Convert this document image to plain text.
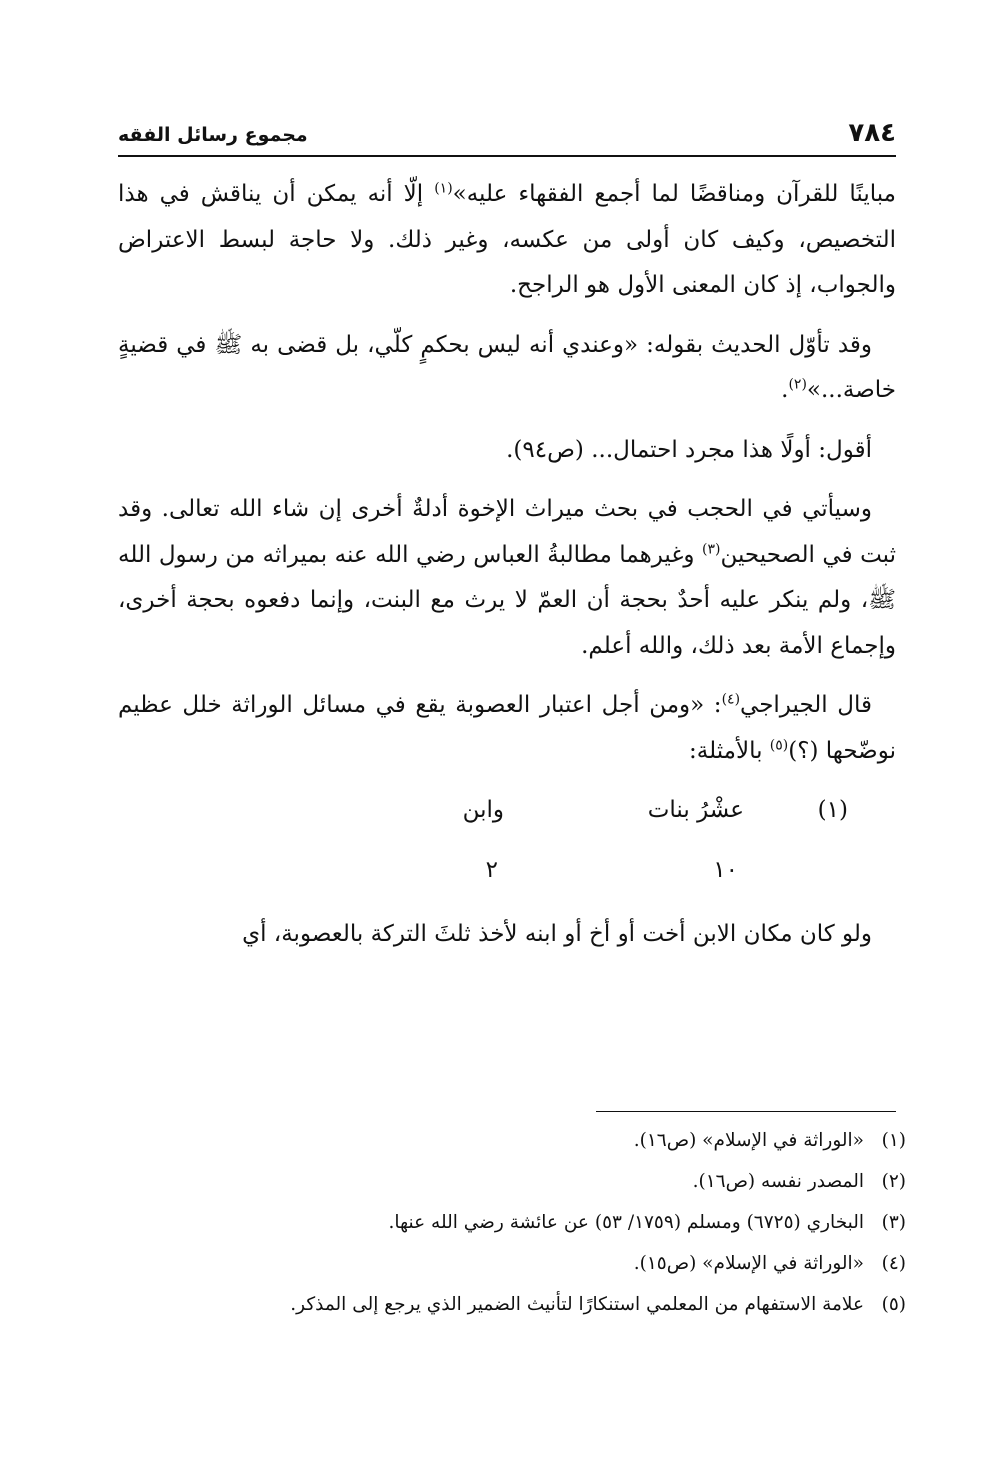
٧٨٤
مجموع رسائل الفقه

مباينًا للقرآن ومناقضًا لما أجمع الفقهاء عليه»$^{(١)}$ إلّا أنه يمكن أن يناقش في هذا التخصيص، وكيف كان أولى من عكسه، وغير ذلك. ولا حاجة لبسط الاعتراض والجواب، إذ كان المعنى الأول هو الراجح.

وقد تأوّل الحديث بقوله: «وعندي أنه ليس بحكمٍ كلّي، بل قضى به ﷺ في قضيةٍ خاصة...»$^{(٢)}$.

أقول: أولًا هذا مجرد احتمال... (ص٩٤).

وسيأتي في الحجب في بحث ميراث الإخوة أدلةٌ أخرى إن شاء الله تعالى. وقد ثبت في الصحيحين$^{(٣)}$ وغيرهما مطالبةُ العباس رضي الله عنه بميراثه من رسول الله ﷺ، ولم ينكر عليه أحدٌ بحجة أن العمّ لا يرث مع البنت، وإنما دفعوه بحجة أخرى، وإجماع الأمة بعد ذلك، والله أعلم.

قال الجيراجي$^{(٤)}$: «ومن أجل اعتبار العصوبة يقع في مسائل الوراثة خلل عظيم نوضّحها (؟)$^{(٥)}$ بالأمثلة:

(١)
عشْرُ بنات
وابن
١٠
٢

ولو كان مكان الابن أخت أو أخ أو ابنه لأخذ ثلثَ التركة بالعصوبة، أي

(١)«الوراثة في الإسلام» (ص١٦).

(٢)المصدر نفسه (ص١٦).

(٣)البخاري (٦٧٢٥) ومسلم (١٧٥٩/ ٥٣) عن عائشة رضي الله عنها.

(٤)«الوراثة في الإسلام» (ص١٥).

(٥)علامة الاستفهام من المعلمي استنكارًا لتأنيث الضمير الذي يرجع إلى المذكر.
